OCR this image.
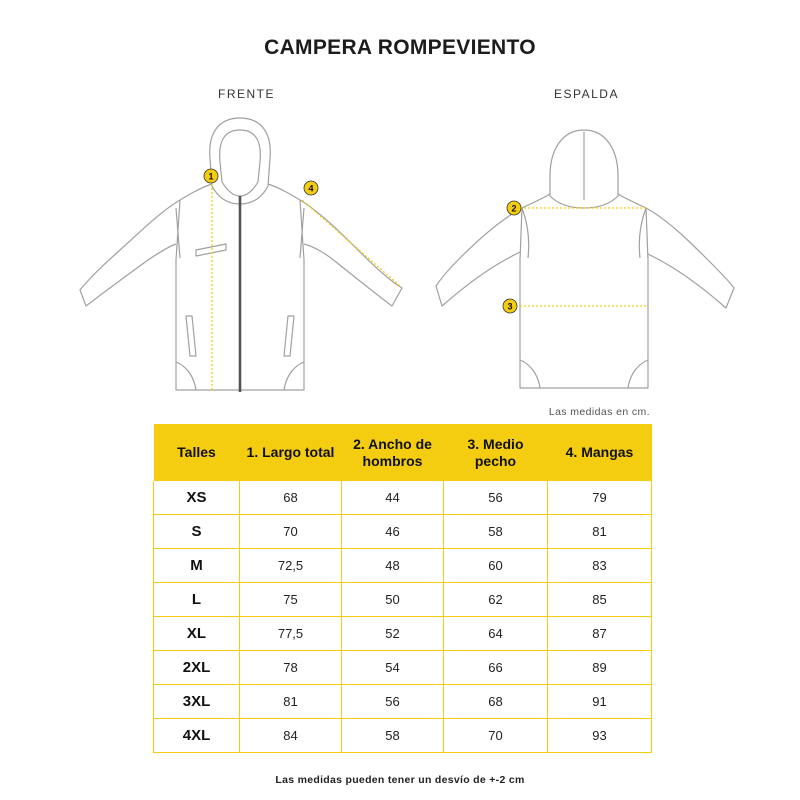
CAMPERA ROMPEVIENTO
FRENTE	ESPALDA
1
4
2
3
Las medidas en cm.
Talles	1. Largo total	2. Ancho de hombros	3. Medio pecho	4. Mangas
XS	68	44	56	79
S	70	46	58	81
M	72,5	48	60	83
L	75	50	62	85
XL	77,5	52	64	87
2XL	78	54	66	89
3XL	81	56	68	91
4XL	84	58	70	93
Las medidas pueden tener un desvío de +-2 cm
